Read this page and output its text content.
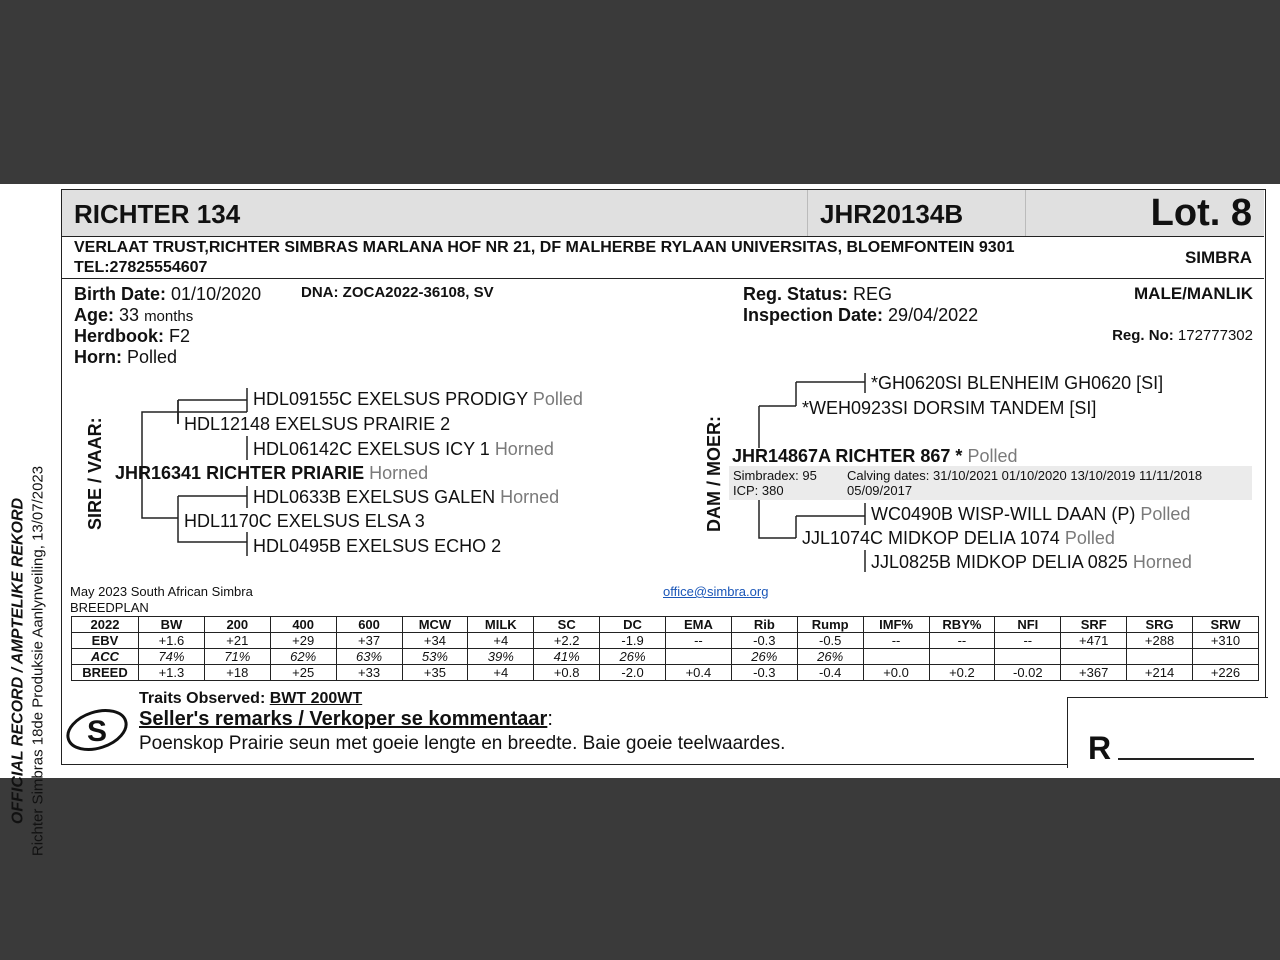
OFFICIAL RECORD / AMPTELIKE REKORD Richter Simbras 18de Produksie Aanlynveiling, 13/07/2023
RICHTER 134	JHR20134B	Lot. 8
VERLAAT TRUST,RICHTER SIMBRAS MARLANA HOF NR 21, DF MALHERBE RYLAAN UNIVERSITAS, BLOEMFONTEIN 9301 TEL:27825554607
SIMBRA
Birth Date: 01/10/2020	DNA: ZOCA2022-36108, SV
Age: 33 months
Herdbook: F2
Horn: Polled
Reg. Status: REG
Inspection Date: 29/04/2022
MALE/MANLIK
Reg. No: 172777302
SIRE / VAAR:
HDL09155C EXELSUS PRODIGY Polled
HDL12148 EXELSUS PRAIRIE 2
HDL06142C EXELSUS ICY 1 Horned
JHR16341 RICHTER PRIARIE Horned
HDL0633B EXELSUS GALEN Horned
HDL1170C EXELSUS ELSA 3
HDL0495B EXELSUS ECHO 2
DAM / MOER:
*GH0620SI BLENHEIM GH0620 [SI]
*WEH0923SI DORSIM TANDEM [SI]
JHR14867A RICHTER 867 * Polled
Simbradex: 95
ICP: 380
Calving dates: 31/10/2021 01/10/2020 13/10/2019 11/11/2018 05/09/2017
WC0490B WISP-WILL DAAN (P) Polled
JJL1074C MIDKOP DELIA 1074 Polled
JJL0825B MIDKOP DELIA 0825 Horned
May 2023 South African Simbra
BREEDPLAN
office@simbra.org
2022	BW	200	400	600	MCW	MILK	SC	DC	EMA	Rib	Rump	IMF%	RBY%	NFI	SRF	SRG	SRW
EBV	+1.6	+21	+29	+37	+34	+4	+2.2	-1.9	--	-0.3	-0.5	--	--	--	+471	+288	+310
ACC	74%	71%	62%	63%	53%	39%	41%	26%		26%	26%						
BREED	+1.3	+18	+25	+33	+35	+4	+0.8	-2.0	+0.4	-0.3	-0.4	+0.0	+0.2	-0.02	+367	+214	+226
S
Traits Observed: BWT 200WT
Seller's remarks / Verkoper se kommentaar:
Poenskop Prairie seun met goeie lengte en breedte. Baie goeie teelwaardes.	R
